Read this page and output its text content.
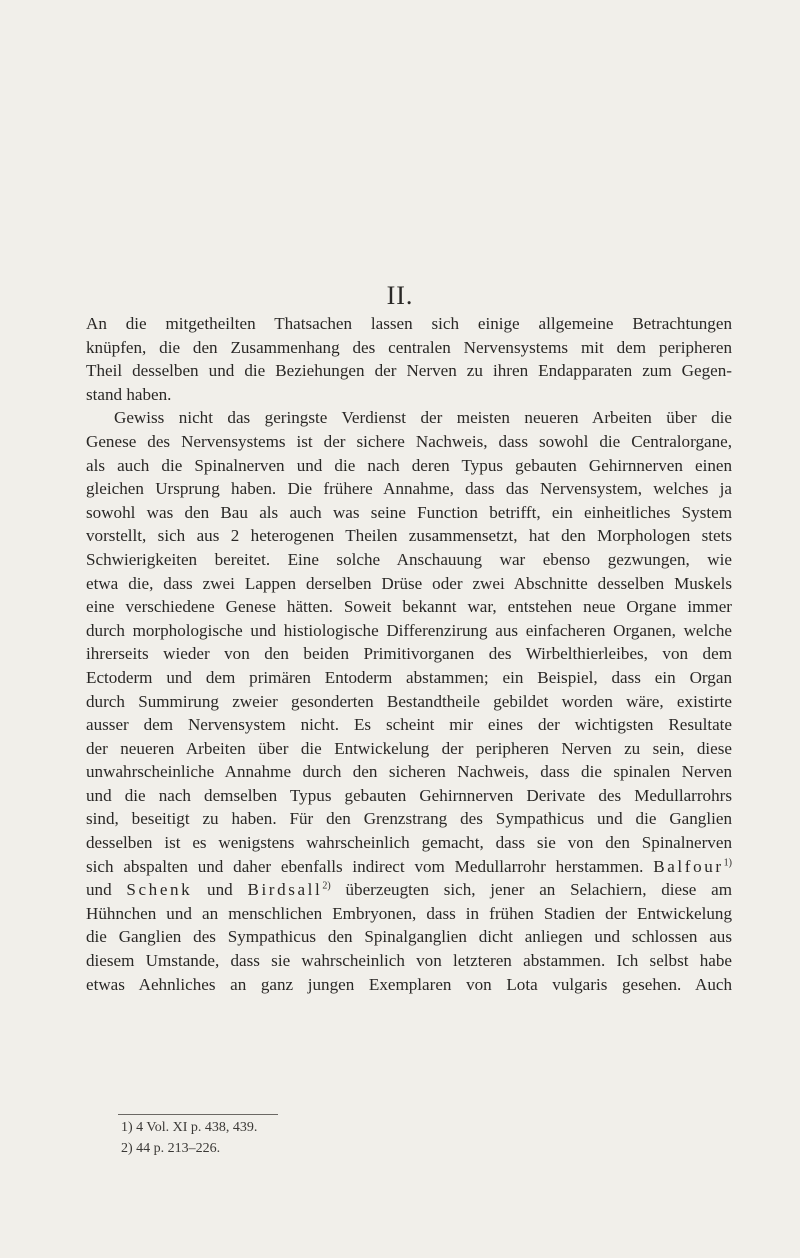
II.
An die mitgetheilten Thatsachen lassen sich einige allgemeine Betrachtungen
knüpfen, die den Zusammenhang des centralen Nervensystems mit dem peripheren
Theil desselben und die Beziehungen der Nerven zu ihren Endapparaten zum Gegen-
stand haben.
Gewiss nicht das geringste Verdienst der meisten neueren Arbeiten über die
Genese des Nervensystems ist der sichere Nachweis, dass sowohl die Centralorgane,
als auch die Spinalnerven und die nach deren Typus gebauten Gehirnnerven einen
gleichen Ursprung haben. Die frühere Annahme, dass das Nervensystem, welches ja
sowohl was den Bau als auch was seine Function betrifft, ein einheitliches System
vorstellt, sich aus 2 heterogenen Theilen zusammensetzt, hat den Morphologen stets
Schwierigkeiten bereitet. Eine solche Anschauung war ebenso gezwungen, wie
etwa die, dass zwei Lappen derselben Drüse oder zwei Abschnitte desselben Muskels
eine verschiedene Genese hätten. Soweit bekannt war, entstehen neue Organe immer
durch morphologische und histiologische Differenzirung aus einfacheren Organen, welche
ihrerseits wieder von den beiden Primitivorganen des Wirbelthierleibes, von dem
Ectoderm und dem primären Entoderm abstammen; ein Beispiel, dass ein Organ
durch Summirung zweier gesonderten Bestandtheile gebildet worden wäre, existirte
ausser dem Nervensystem nicht. Es scheint mir eines der wichtigsten Resultate
der neueren Arbeiten über die Entwickelung der peripheren Nerven zu sein, diese
unwahrscheinliche Annahme durch den sicheren Nachweis, dass die spinalen Nerven
und die nach demselben Typus gebauten Gehirnnerven Derivate des Medullarrohrs
sind, beseitigt zu haben. Für den Grenzstrang des Sympathicus und die Ganglien
desselben ist es wenigstens wahrscheinlich gemacht, dass sie von den Spinalnerven
sich abspalten und daher ebenfalls indirect vom Medullarrohr herstammen. Balfour$^{1)}$
und Schenk und Birdsall$^{2)}$ überzeugten sich, jener an Selachiern, diese am
Hühnchen und an menschlichen Embryonen, dass in frühen Stadien der Entwickelung
die Ganglien des Sympathicus den Spinalganglien dicht anliegen und schlossen aus
diesem Umstande, dass sie wahrscheinlich von letzteren abstammen. Ich selbst habe
etwas Aehnliches an ganz jungen Exemplaren von Lota vulgaris gesehen. Auch
1) 4 Vol. XI p. 438, 439.
2) 44 p. 213–226.
